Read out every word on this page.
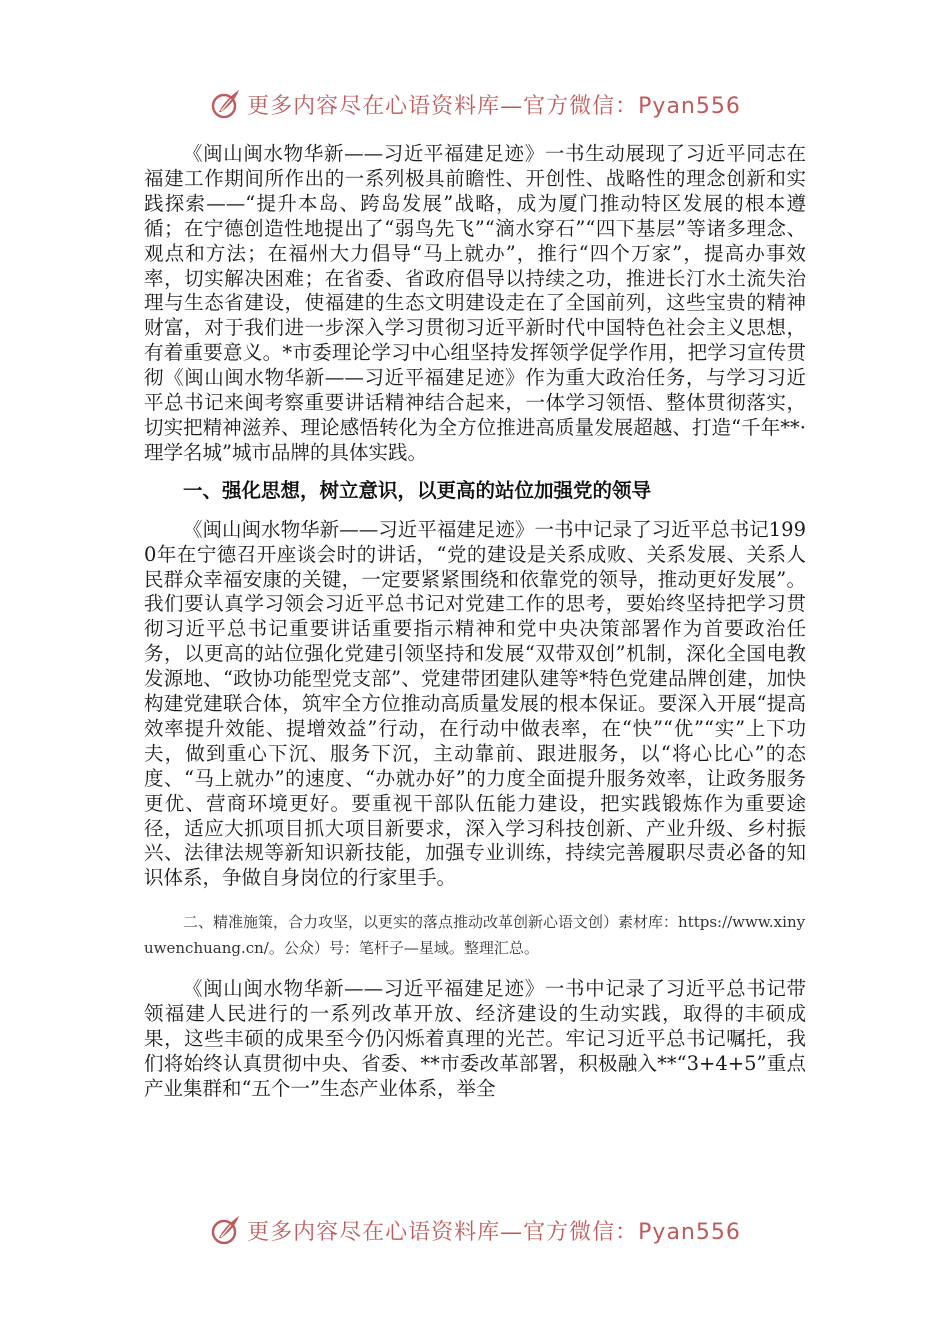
更多内容尽在心语资料库—官方微信：Pyan556

《闽山闽水物华新——习近平福建足迹》一书生动展现了习近平同志在福建工作期间所作出的一系列极具前瞻性、开创性、战略性的理念创新和实践探索——“提升本岛、跨岛发展”战略，成为厦门推动特区发展的根本遵循；在宁德创造性地提出了“弱鸟先飞”“滴水穿石”“四下基层”等诸多理念、观点和方法；在福州大力倡导“马上就办”，推行“四个万家”，提高办事效率，切实解决困难；在省委、省政府倡导以持续之功，推进长汀水土流失治理与生态省建设，使福建的生态文明建设走在了全国前列，这些宝贵的精神财富，对于我们进一步深入学习贯彻习近平新时代中国特色社会主义思想，有着重要意义。*市委理论学习中心组坚持发挥领学促学作用，把学习宣传贯彻《闽山闽水物华新——习近平福建足迹》作为重大政治任务，与学习习近平总书记来闽考察重要讲话精神结合起来，一体学习领悟、整体贯彻落实，切实把精神滋养、理论感悟转化为全方位推进高质量发展超越、打造“千年**·理学名城”城市品牌的具体实践。

一、强化思想，树立意识，以更高的站位加强党的领导

《闽山闽水物华新——习近平福建足迹》一书中记录了习近平总书记1990年在宁德召开座谈会时的讲话，“党的建设是关系成败、关系发展、关系人民群众幸福安康的关键，一定要紧紧围绕和依靠党的领导，推动更好发展”。我们要认真学习领会习近平总书记对党建工作的思考，要始终坚持把学习贯彻习近平总书记重要讲话重要指示精神和党中央决策部署作为首要政治任务，以更高的站位强化党建引领坚持和发展“双带双创”机制，深化全国电教发源地、“政协功能型党支部”、党建带团建队建等*特色党建品牌创建，加快构建党建联合体，筑牢全方位推动高质量发展的根本保证。要深入开展“提高效率提升效能、提增效益”行动，在行动中做表率，在“快”“优”“实”上下功夫，做到重心下沉、服务下沉，主动靠前、跟进服务，以“将心比心”的态度、“马上就办”的速度、“办就办好”的力度全面提升服务效率，让政务服务更优、营商环境更好。要重视干部队伍能力建设，把实践锻炼作为重要途径，适应大抓项目抓大项目新要求，深入学习科技创新、产业升级、乡村振兴、法律法规等新知识新技能，加强专业训练，持续完善履职尽责必备的知识体系，争做自身岗位的行家里手。

二、精准施策，合力攻坚，以更实的落点推动改革创新心语文创）素材库：https://www.xinyuwenchuang.cn/。公众）号：笔杆子—星域。整理汇总。

《闽山闽水物华新——习近平福建足迹》一书中记录了习近平总书记带领福建人民进行的一系列改革开放、经济建设的生动实践，取得的丰硕成果，这些丰硕的成果至今仍闪烁着真理的光芒。牢记习近平总书记嘱托，我们将始终认真贯彻中央、省委、**市委改革部署，积极融入**“3+4+5”重点产业集群和“五个一”生态产业体系，举全

更多内容尽在心语资料库—官方微信：Pyan556
